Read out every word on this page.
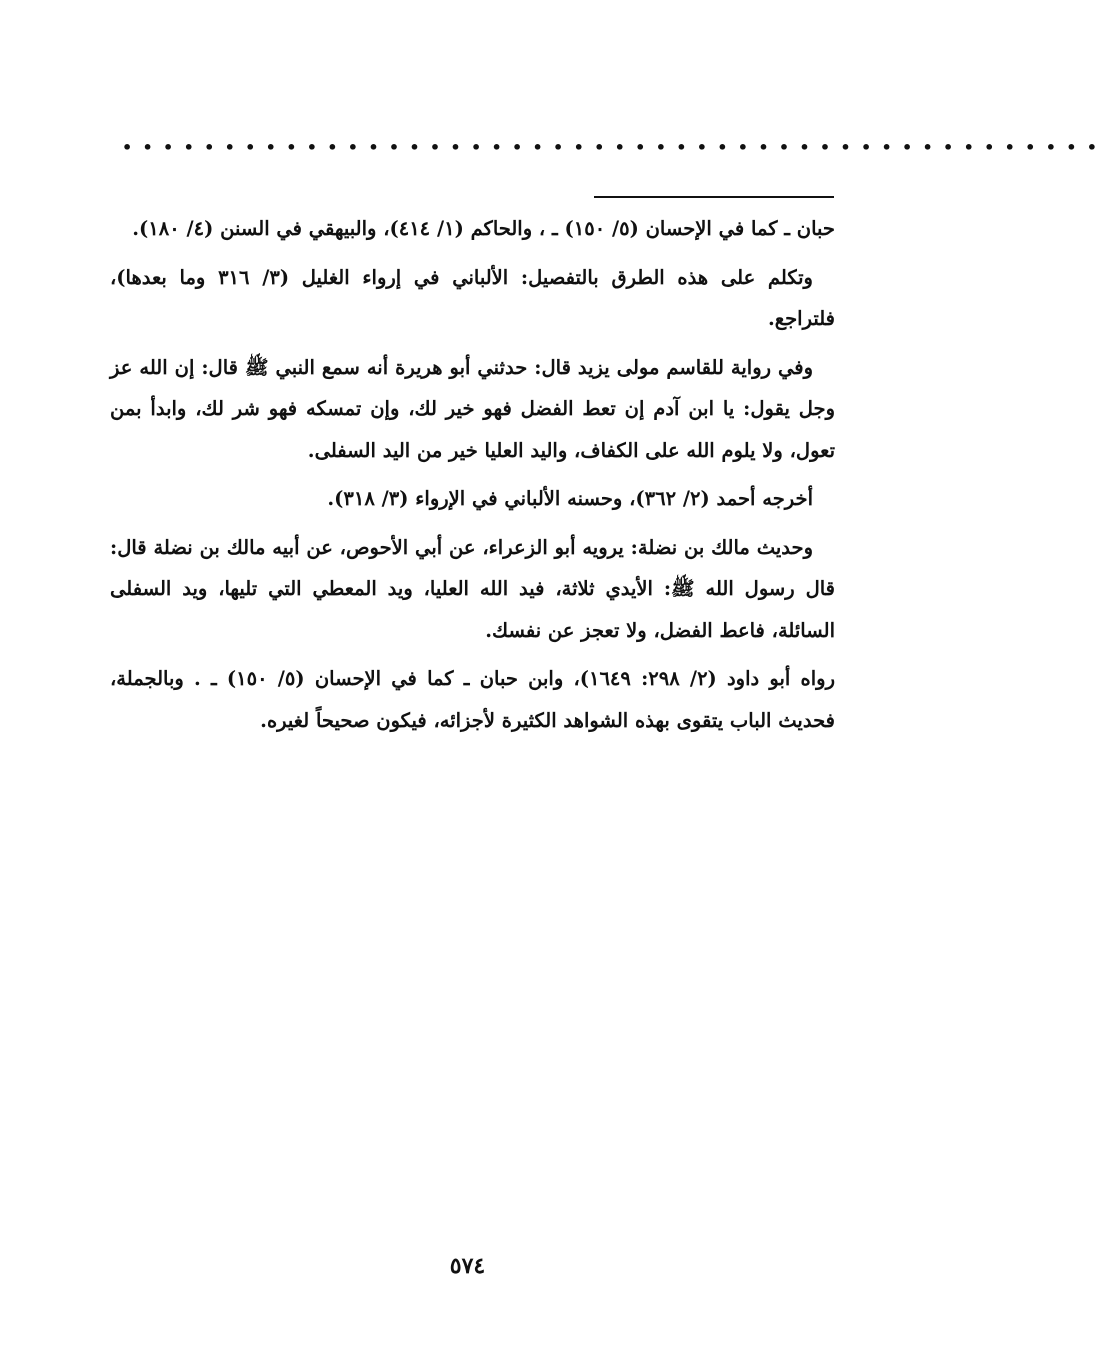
••••••••••••••••••••••••••••••••••••••••••••••••

حبان ـ كما في الإحسان (٥/ ١٥٠) ـ ، والحاكم (١/ ٤١٤)، والبيهقي في السنن (٤/ ١٨٠).

وتكلم على هذه الطرق بالتفصيل: الألباني في إرواء الغليل (٣/ ٣١٦ وما بعدها)، فلتراجع.

وفي رواية للقاسم مولى يزيد قال: حدثني أبو هريرة أنه سمع النبي ﷺ قال: إن الله عز وجل يقول: يا ابن آدم إن تعط الفضل فهو خير لك، وإن تمسكه فهو شر لك، وابدأ بمن تعول، ولا يلوم الله على الكفاف، واليد العليا خير من اليد السفلى.

أخرجه أحمد (٢/ ٣٦٢)، وحسنه الألباني في الإرواء (٣/ ٣١٨).

وحديث مالك بن نضلة: يرويه أبو الزعراء، عن أبي الأحوص، عن أبيه مالك بن نضلة قال: قال رسول الله ﷺ: الأيدي ثلاثة، فيد الله العليا، ويد المعطي التي تليها، ويد السفلى السائلة، فاعط الفضل، ولا تعجز عن نفسك.

رواه أبو داود (٢/ ٢٩٨: ١٦٤٩)، وابن حبان ـ كما في الإحسان (٥/ ١٥٠) ـ . وبالجملة، فحديث الباب يتقوى بهذه الشواهد الكثيرة لأجزائه، فيكون صحيحاً لغيره.

٥٧٤
